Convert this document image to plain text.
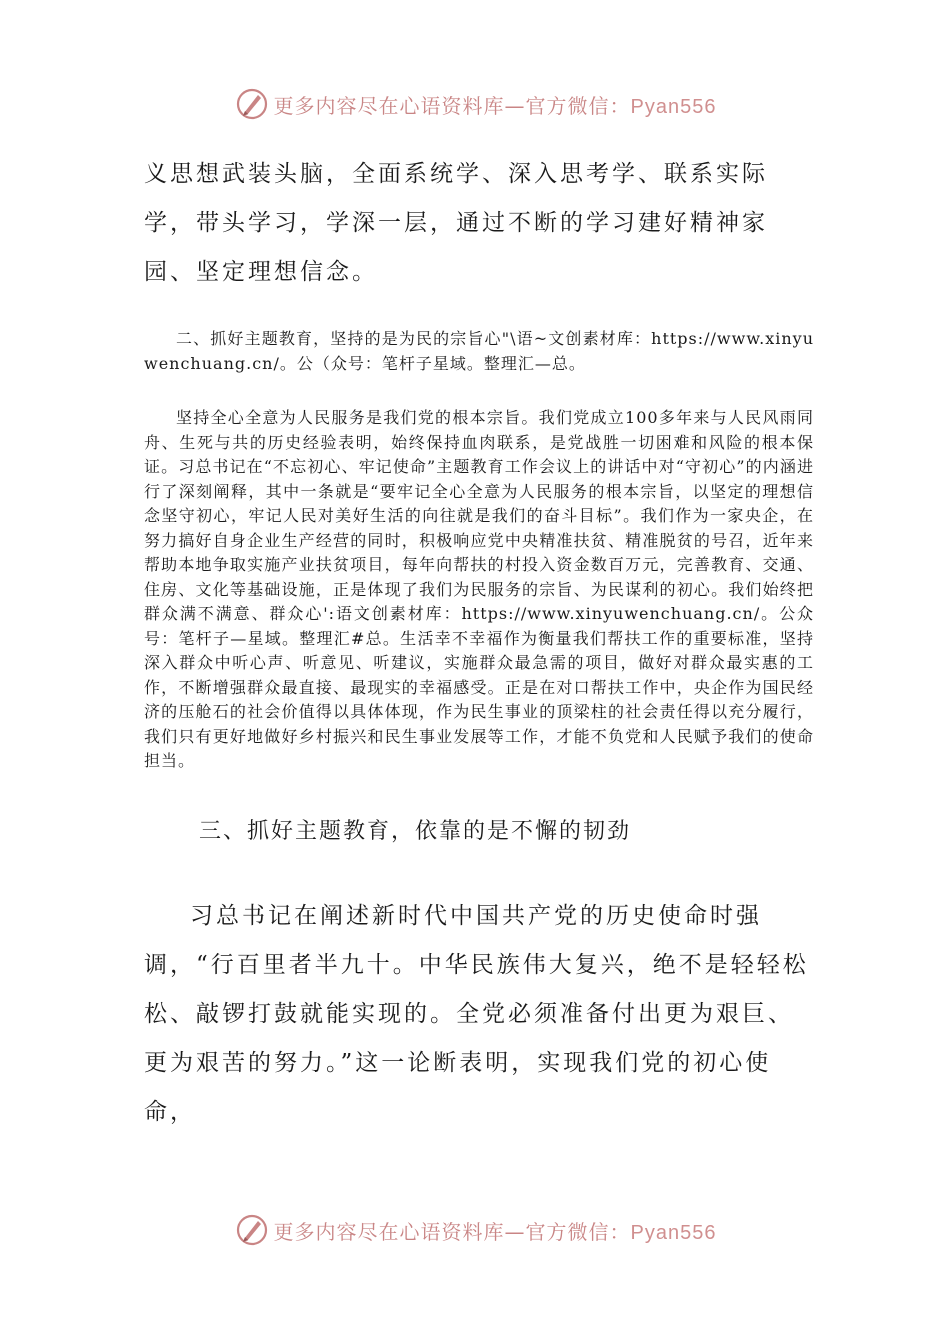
更多内容尽在心语资料库—官方微信：Pyan556

义思想武装头脑，全面系统学、深入思考学、联系实际学，带头学习，学深一层，通过不断的学习建好精神家园、坚定理想信念。

二、抓好主题教育，坚持的是为民的宗旨心"\语~文创素材库：https://www.xinyuwenchuang.cn/。公（众号：笔杆子星域。整理汇—总。

坚持全心全意为人民服务是我们党的根本宗旨。我们党成立100多年来与人民风雨同舟、生死与共的历史经验表明，始终保持血肉联系，是党战胜一切困难和风险的根本保证。习总书记在“不忘初心、牢记使命”主题教育工作会议上的讲话中对“守初心”的内涵进行了深刻阐释，其中一条就是“要牢记全心全意为人民服务的根本宗旨，以坚定的理想信念坚守初心，牢记人民对美好生活的向往就是我们的奋斗目标”。我们作为一家央企，在努力搞好自身企业生产经营的同时，积极响应党中央精准扶贫、精准脱贫的号召，近年来帮助本地争取实施产业扶贫项目，每年向帮扶的村投入资金数百万元，完善教育、交通、住房、文化等基础设施，正是体现了我们为民服务的宗旨、为民谋利的初心。我们始终把群众满不满意、群众心':语文创素材库：https://www.xinyuwenchuang.cn/。公众号：笔杆子—星域。整理汇#总。生活幸不幸福作为衡量我们帮扶工作的重要标准，坚持深入群众中听心声、听意见、听建议，实施群众最急需的项目，做好对群众最实惠的工作，不断增强群众最直接、最现实的幸福感受。正是在对口帮扶工作中，央企作为国民经济的压舱石的社会价值得以具体体现，作为民生事业的顶梁柱的社会责任得以充分履行，我们只有更好地做好乡村振兴和民生事业发展等工作，才能不负党和人民赋予我们的使命担当。

三、抓好主题教育，依靠的是不懈的韧劲

习总书记在阐述新时代中国共产党的历史使命时强调，“行百里者半九十。中华民族伟大复兴，绝不是轻轻松松、敲锣打鼓就能实现的。全党必须准备付出更为艰巨、更为艰苦的努力。”这一论断表明，实现我们党的初心使命，

更多内容尽在心语资料库—官方微信：Pyan556
